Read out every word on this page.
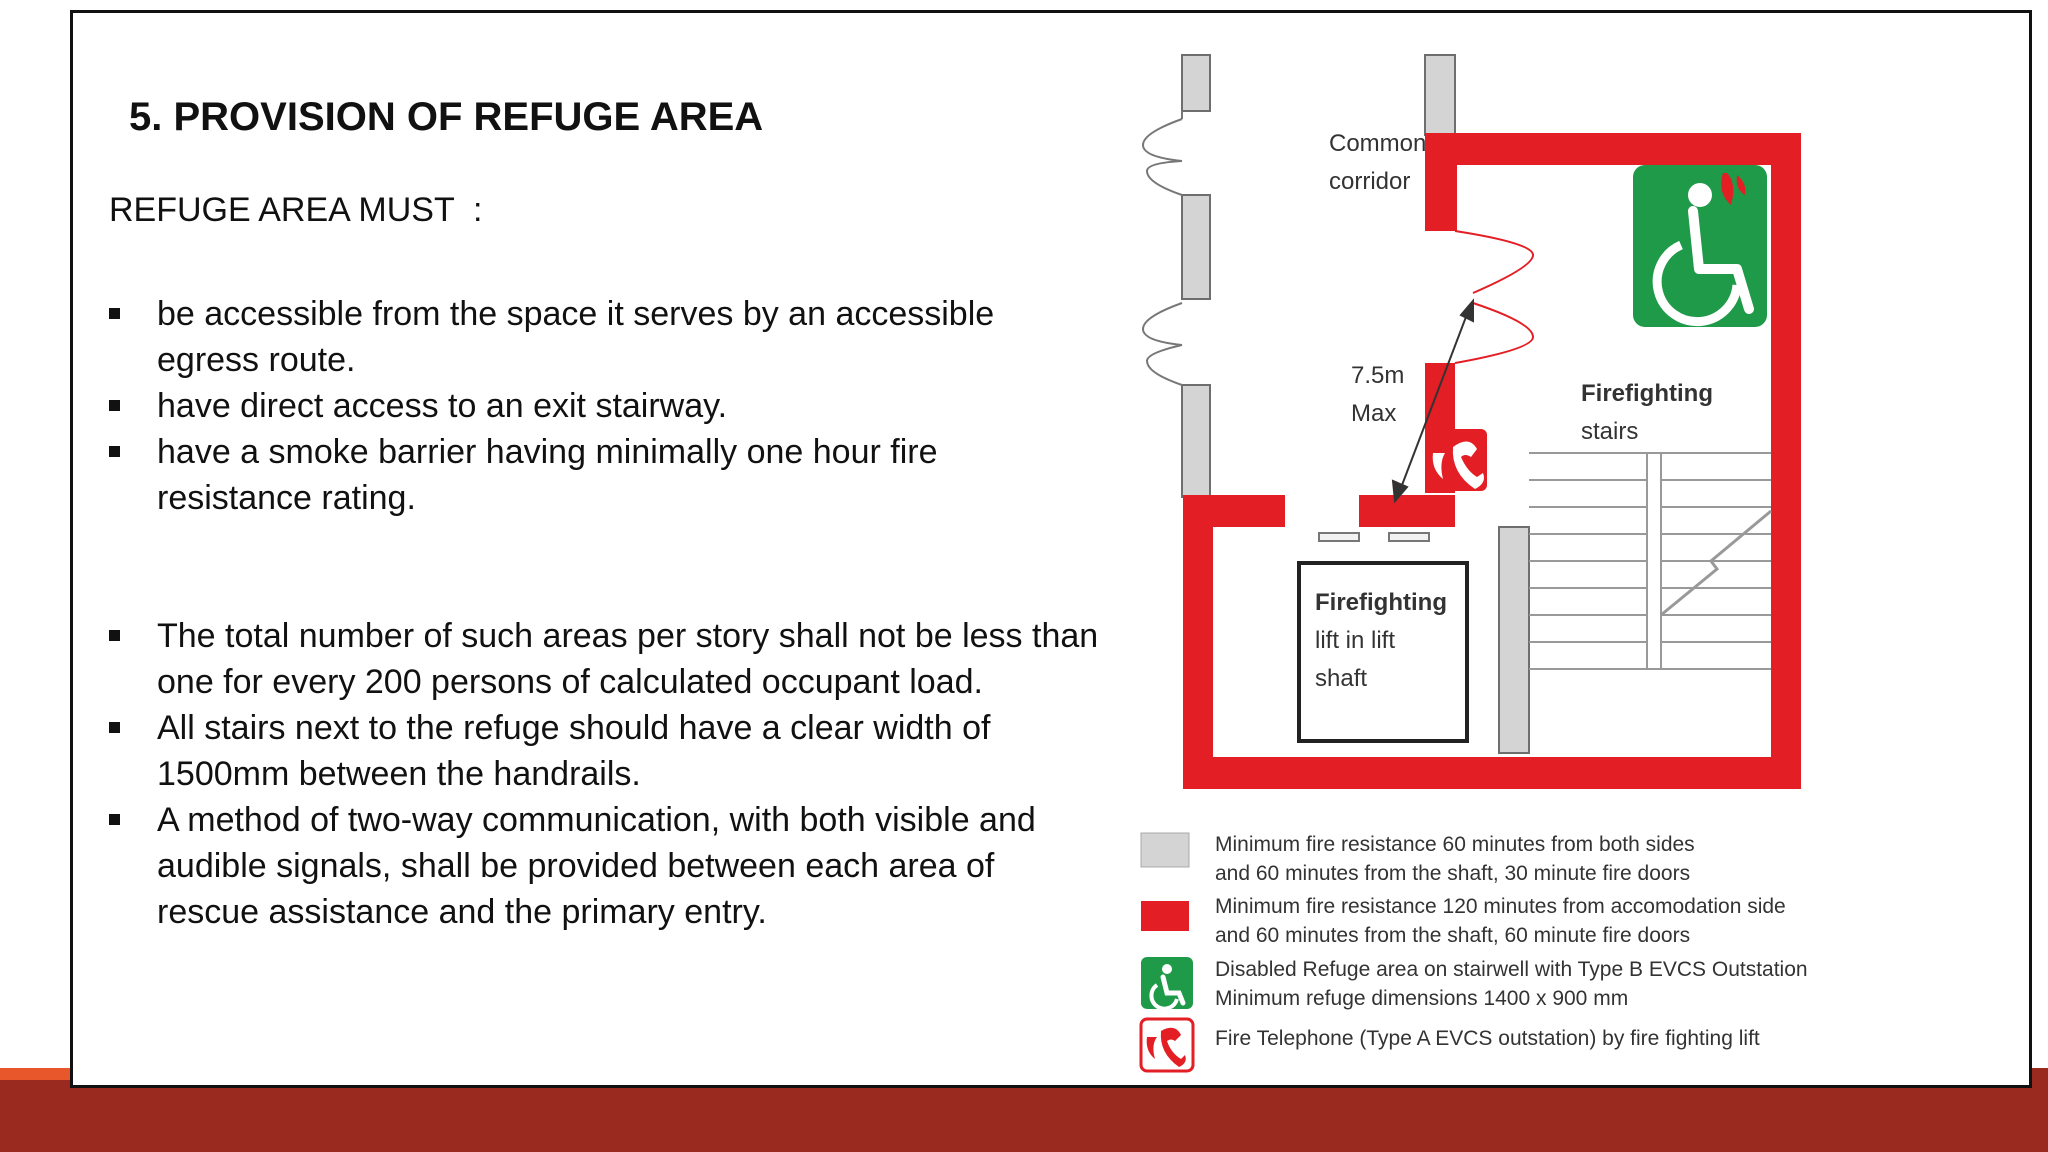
5. PROVISION OF REFUGE AREA

REFUGE AREA MUST  :

be accessible from the space it serves by an accessible egress route.
have direct access to an exit stairway.
have a smoke barrier having minimally one hour fire resistance rating.
The total number of such areas per story shall not be less than one for every 200 persons of calculated occupant load.
All stairs next to the refuge should have a clear width of 1500mm between the handrails.
A method of two-way communication, with both visible and audible signals, shall be provided between each area of rescue assistance and the primary entry.
Firefighting
lift in lift
shaft
Firefighting
stairs
7.5m
Max
Common
corridor
Minimum fire resistance 60 minutes from both sides
and 60 minutes from the shaft, 30 minute fire doors
Minimum fire resistance 120 minutes from accomodation side
and 60 minutes from the shaft, 60 minute fire doors
Disabled Refuge area on stairwell with Type B EVCS Outstation
Minimum refuge dimensions 1400 x 900 mm
Fire Telephone (Type A EVCS outstation) by fire fighting lift
